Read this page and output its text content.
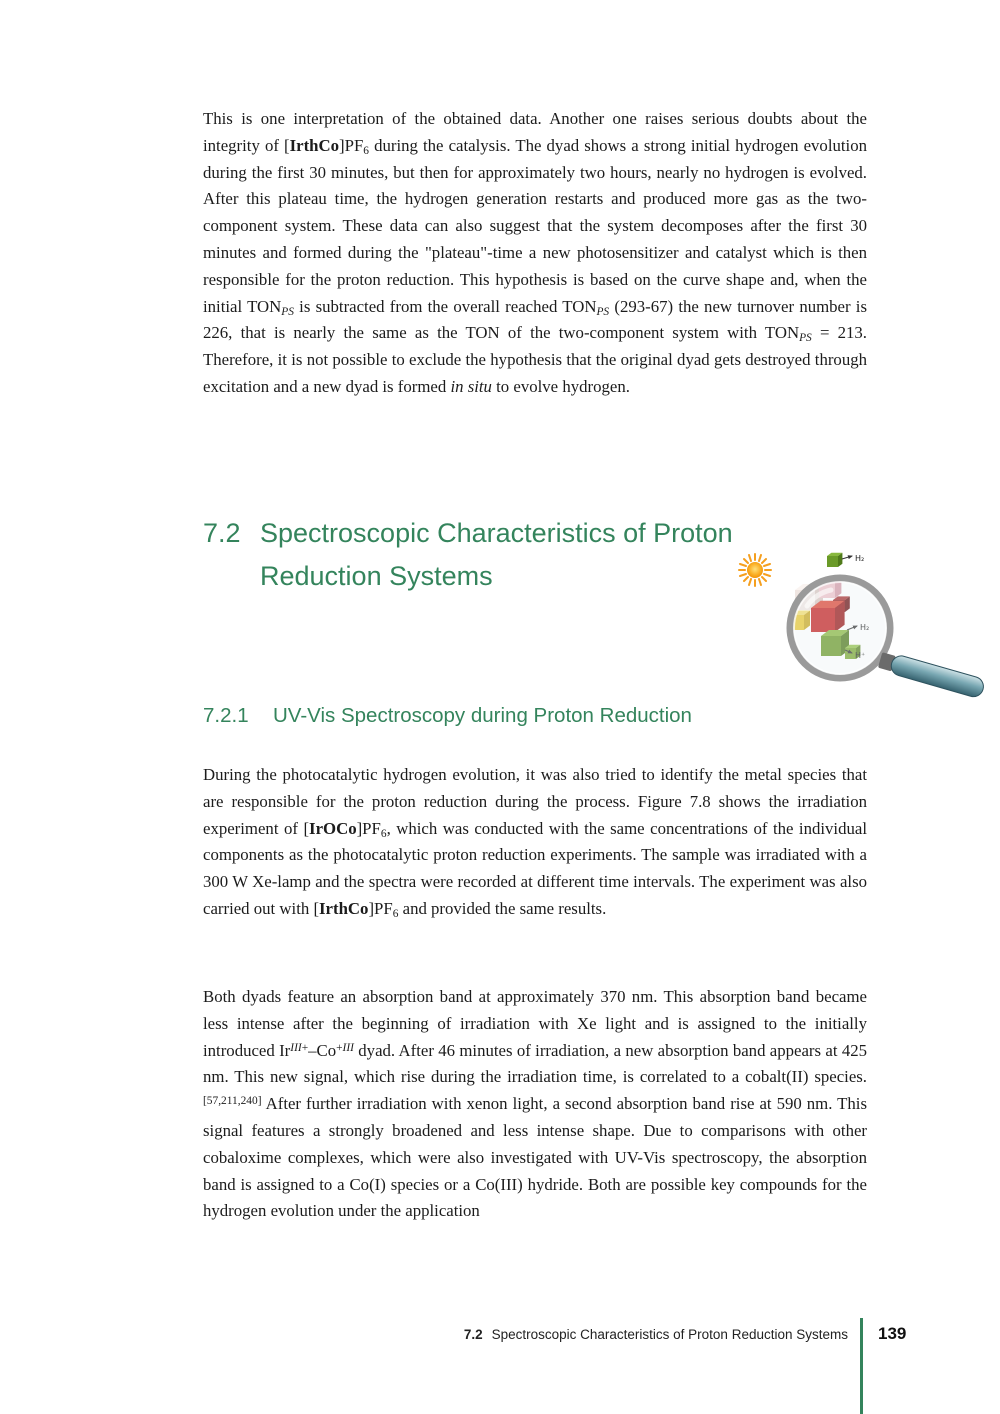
This is one interpretation of the obtained data. Another one raises serious doubts about the integrity of $[IrthCo]PF_6$ during the catalysis. The dyad shows a strong initial hydrogen evolution during the first 30 minutes, but then for approximately two hours, nearly no hydrogen is evolved. After this plateau time, the hydrogen generation restarts and produced more gas as the two-component system. These data can also suggest that the system decomposes after the first 30 minutes and formed during the "plateau"-time a new photosensitizer and catalyst which is then responsible for the proton reduction. This hypothesis is based on the curve shape and, when the initial $TON_{PS}$ is subtracted from the overall reached $TON_{PS}$ (293-67) the new turnover number is 226, that is nearly the same as the TON of the two-component system with $TON_{PS} = 213$. Therefore, it is not possible to exclude the hypothesis that the original dyad gets destroyed through excitation and a new dyad is formed in situ to evolve hydrogen.

7.2 Spectroscopic Characteristics of Proton Reduction Systems
H₂
7.2.1	UV-Vis Spectroscopy during Proton Reduction

During the photocatalytic hydrogen evolution, it was also tried to identify the metal species that are responsible for the proton reduction during the process. Figure 7.8 shows the irradiation experiment of $[IrOCo]PF_6$, which was conducted with the same concentrations of the individual components as the photocatalytic proton reduction experiments. The sample was irradiated with a 300 W Xe-lamp and the spectra were recorded at different time intervals. The experiment was also carried out with $[IrthCo]PF_6$ and provided the same results.

Both dyads feature an absorption band at approximately 370 nm. This absorption band became less intense after the beginning of irradiation with Xe light and is assigned to the initially introduced $Ir^{III+}-Co^{+III}$ dyad. After 46 minutes of irradiation, a new absorption band appears at 425 nm. This new signal, which rise during the irradiation time, is correlated to a cobalt(II) species.[57,211,240] After further irradiation with xenon light, a second absorption band rise at 590 nm. This signal features a strongly broadened and less intense shape. Due to comparisons with other cobaloxime complexes, which were also investigated with UV-Vis spectroscopy, the absorption band is assigned to a Co(I) species or a Co(III) hydride. Both are possible key compounds for the hydrogen evolution under the application

7.2 Spectroscopic Characteristics of Proton Reduction Systems 139
